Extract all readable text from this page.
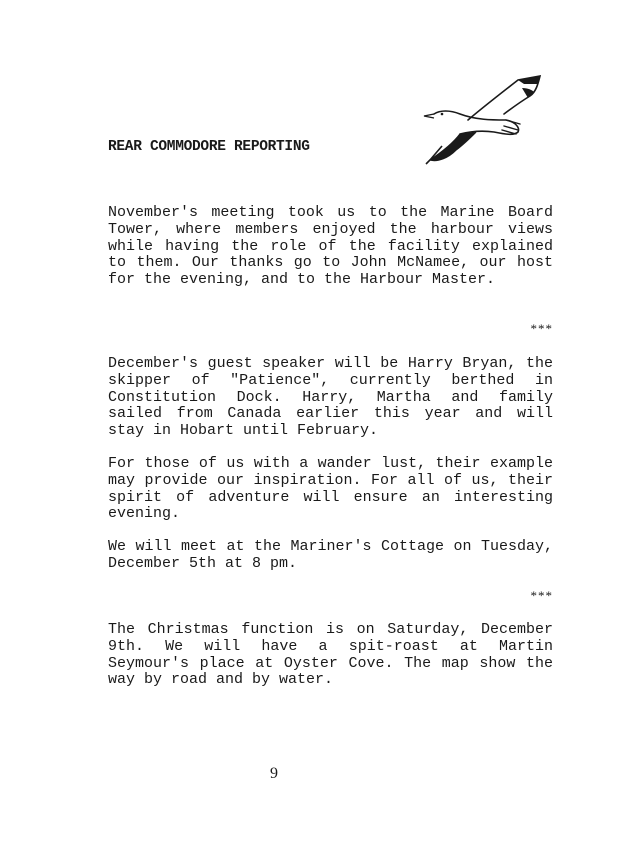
REAR COMMODORE REPORTING

November's meeting took us to the Marine Board Tower, where members enjoyed the harbour views while having the role of the facility explained to them. Our thanks go to John McNamee, our host for the evening, and to the Harbour Master.

***

December's guest speaker will be Harry Bryan, the skipper of "Patience", currently berthed in Constitution Dock. Harry, Martha and family sailed from Canada earlier this year and will stay in Hobart until February.

For those of us with a wander lust, their example may provide our inspiration. For all of us, their spirit of adventure will ensure an interesting evening.

We will meet at the Mariner's Cottage on Tuesday, December 5th at 8 pm.

***

The Christmas function is on Saturday, December 9th. We will have a spit-roast at Martin Seymour's place at Oyster Cove. The map show the way by road and by water.

9
